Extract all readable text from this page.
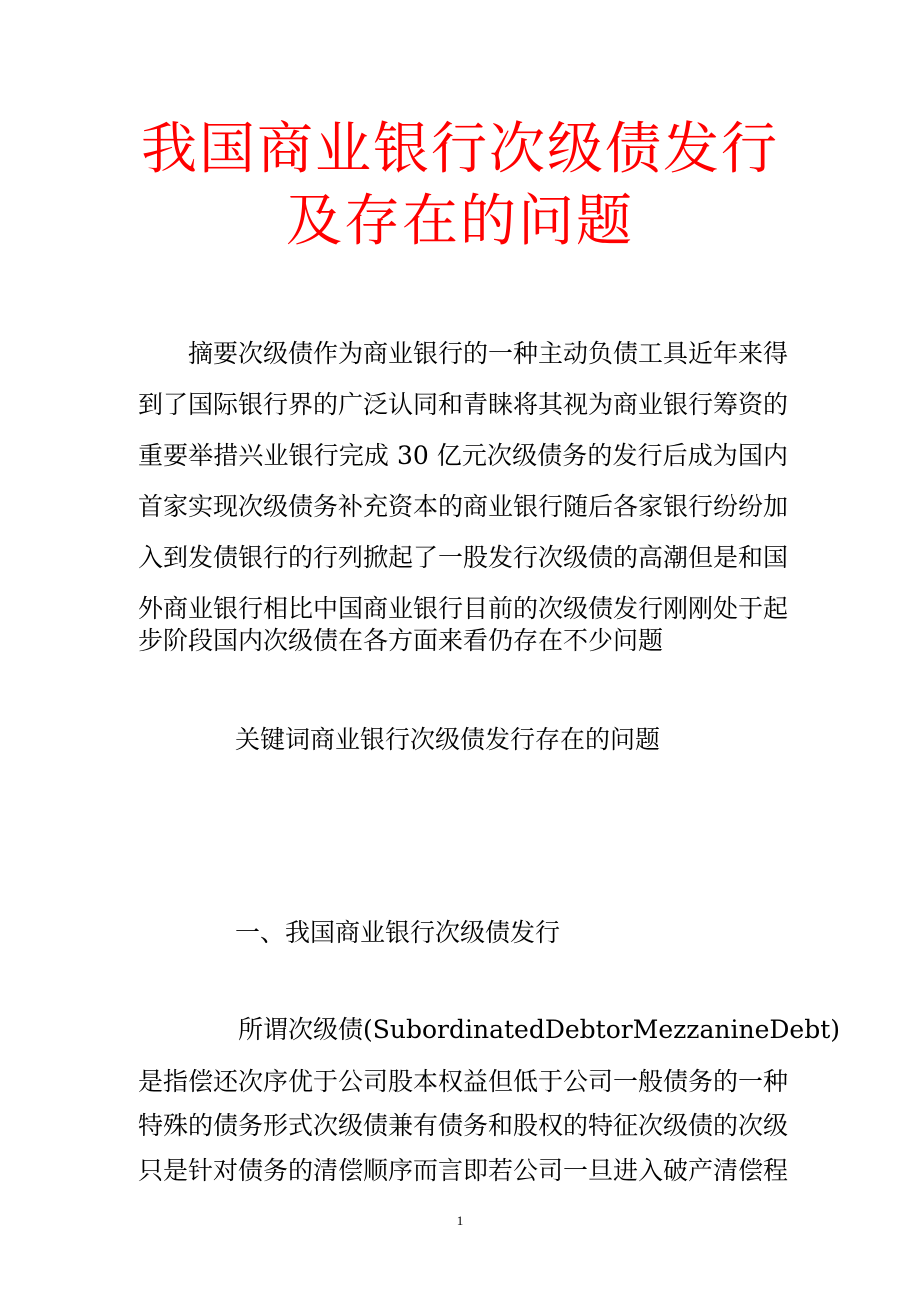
我国商业银行次级债发行
及存在的问题
摘要次级债作为商业银行的一种主动负债工具近年来得
到了国际银行界的广泛认同和青睐将其视为商业银行筹资的
重要举措兴业银行完成 30 亿元次级债务的发行后成为国内
首家实现次级债务补充资本的商业银行随后各家银行纷纷加
入到发债银行的行列掀起了一股发行次级债的高潮但是和国
外商业银行相比中国商业银行目前的次级债发行刚刚处于起
步阶段国内次级债在各方面来看仍存在不少问题
关键词商业银行次级债发行存在的问题
一、我国商业银行次级债发行
所谓次级债(SubordinatedDebtorMezzanineDebt)
是指偿还次序优于公司股本权益但低于公司一般债务的一种
特殊的债务形式次级债兼有债务和股权的特征次级债的次级
只是针对债务的清偿顺序而言即若公司一旦进入破产清偿程
1
